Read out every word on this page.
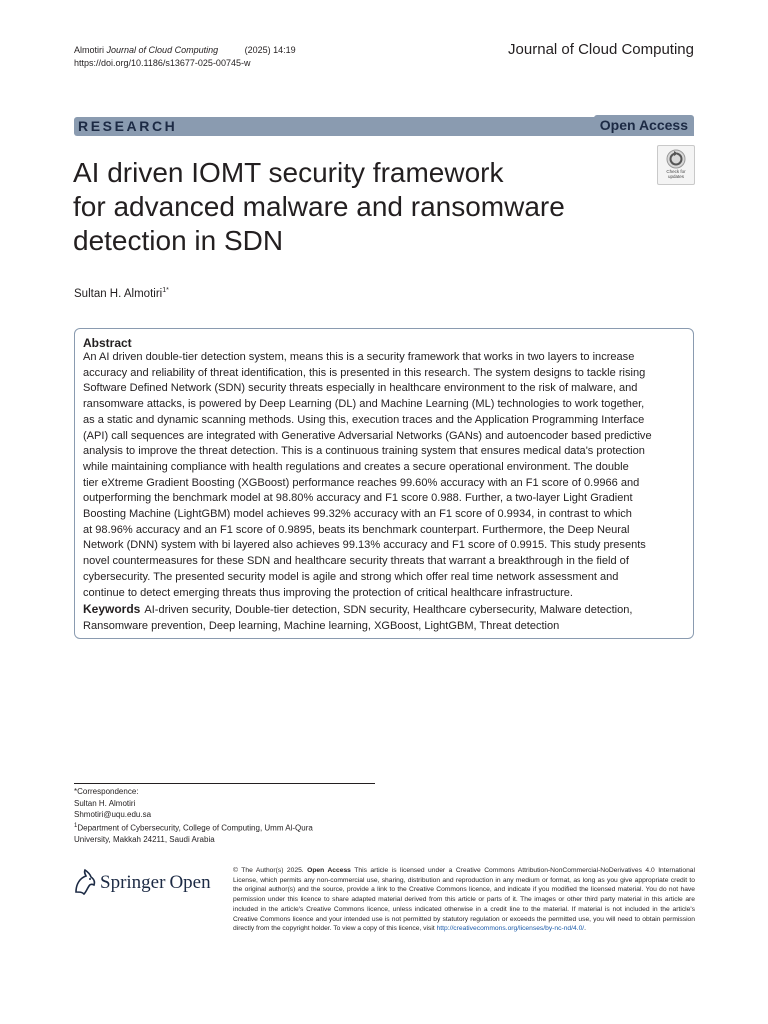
Almotiri Journal of Cloud Computing	(2025) 14:19
https://doi.org/10.1186/s13677-025-00745-w
Journal of Cloud Computing
RESEARCH	Open Access
AI driven IOMT security framework
for advanced malware and ransomware
detection in SDN
Check for updates
Sultan H. Almotiri$^{1*}$
Abstract
An AI driven double-tier detection system, means this is a security framework that works in two layers to increase
accuracy and reliability of threat identification, this is presented in this research. The system designs to tackle rising
Software Defined Network (SDN) security threats especially in healthcare environment to the risk of malware, and
ransomware attacks, is powered by Deep Learning (DL) and Machine Learning (ML) technologies to work together,
as a static and dynamic scanning methods. Using this, execution traces and the Application Programming Interface
(API) call sequences are integrated with Generative Adversarial Networks (GANs) and autoencoder based predictive
analysis to improve the threat detection. This is a continuous training system that ensures medical data's protection
while maintaining compliance with health regulations and creates a secure operational environment. The double
tier eXtreme Gradient Boosting (XGBoost) performance reaches 99.60% accuracy with an F1 score of 0.9966 and
outperforming the benchmark model at 98.80% accuracy and F1 score 0.988. Further, a two-layer Light Gradient
Boosting Machine (LightGBM) model achieves 99.32% accuracy with an F1 score of 0.9934, in contrast to which
at 98.96% accuracy and an F1 score of 0.9895, beats its benchmark counterpart. Furthermore, the Deep Neural
Network (DNN) system with bi layered also achieves 99.13% accuracy and F1 score of 0.9915. This study presents
novel countermeasures for these SDN and healthcare security threats that warrant a breakthrough in the field of
cybersecurity. The presented security model is agile and strong which offer real time network assessment and
continue to detect emerging threats thus improving the protection of critical healthcare infrastructure.
Keywords AI-driven security, Double-tier detection, SDN security, Healthcare cybersecurity, Malware detection,
Ransomware prevention, Deep learning, Machine learning, XGBoost, LightGBM, Threat detection
*Correspondence:
Sultan H. Almotiri
Shmotiri@uqu.edu.sa
$^1$Department of Cybersecurity, College of Computing, Umm Al-Qura
University, Makkah 24211, Saudi Arabia
Springer Open
© The Author(s) 2025. Open Access This article is licensed under a Creative Commons Attribution-NonCommercial-NoDerivatives 4.0 International License, which permits any non-commercial use, sharing, distribution and reproduction in any medium or format, as long as you give appropriate credit to the original author(s) and the source, provide a link to the Creative Commons licence, and indicate if you modified the licensed material. You do not have permission under this licence to share adapted material derived from this article or parts of it. The images or other third party material in this article are included in the article's Creative Commons licence, unless indicated otherwise in a credit line to the material. If material is not included in the article's Creative Commons licence and your intended use is not permitted by statutory regulation or exceeds the permitted use, you will need to obtain permission directly from the copyright holder. To view a copy of this licence, visit http://creativecommons.org/licenses/by-nc-nd/4.0/.
